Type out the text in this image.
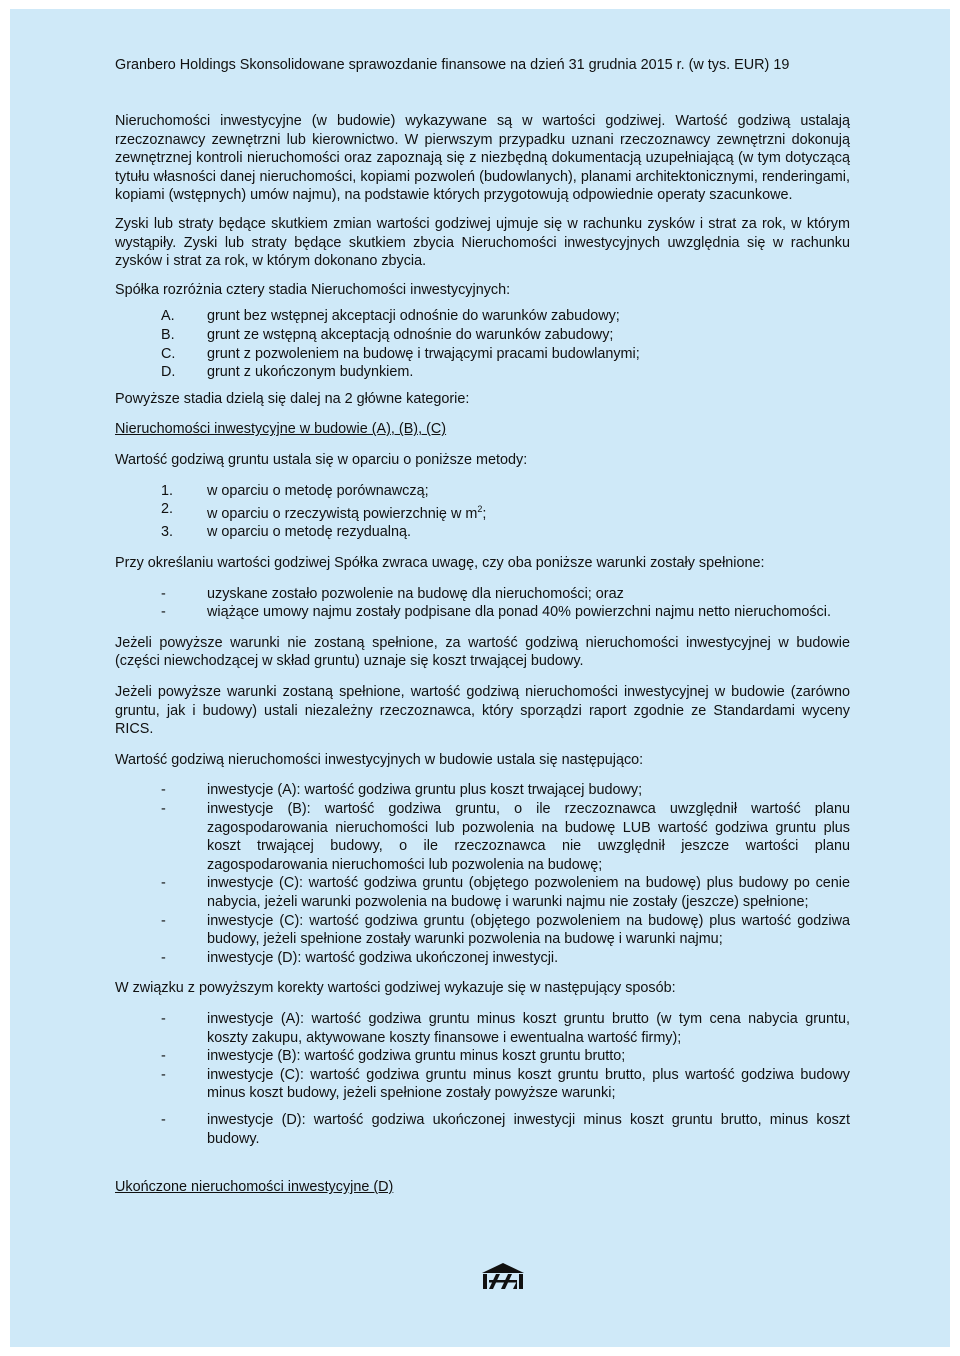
Granbero Holdings Skonsolidowane sprawozdanie finansowe na dzień 31 grudnia 2015 r. (w tys. EUR) 19

Nieruchomości inwestycyjne (w budowie) wykazywane są w wartości godziwej. Wartość godziwą ustalają rzeczoznawcy zewnętrzni lub kierownictwo. W pierwszym przypadku uznani rzeczoznawcy zewnętrzni dokonują zewnętrznej kontroli nieruchomości oraz zapoznają się z niezbędną dokumentacją uzupełniającą (w tym dotyczącą tytułu własności danej nieruchomości, kopiami pozwoleń (budowlanych), planami architektonicznymi, renderingami, kopiami (wstępnych) umów najmu), na podstawie których przygotowują odpowiednie operaty szacunkowe.

Zyski lub straty będące skutkiem zmian wartości godziwej ujmuje się w rachunku zysków i strat za rok, w którym wystąpiły. Zyski lub straty będące skutkiem zbycia Nieruchomości inwestycyjnych uwzględnia się w rachunku zysków i strat za rok, w którym dokonano zbycia.

Spółka rozróżnia cztery stadia Nieruchomości inwestycyjnych:

A.	grunt bez wstępnej akceptacji odnośnie do warunków zabudowy;
B.	grunt ze wstępną akceptacją odnośnie do warunków zabudowy;
C.	grunt z pozwoleniem na budowę i trwającymi pracami budowlanymi;
D.	grunt z ukończonym budynkiem.

Powyższe stadia dzielą się dalej na 2 główne kategorie:

Nieruchomości inwestycyjne w budowie (A), (B), (C)

Wartość godziwą gruntu ustala się w oparciu o poniższe metody:

1.	w oparciu o metodę porównawczą;
2.	w oparciu o rzeczywistą powierzchnię w $m^2$;
3.	w oparciu o metodę rezydualną.

Przy określaniu wartości godziwej Spółka zwraca uwagę, czy oba poniższe warunki zostały spełnione:

-	uzyskane zostało pozwolenie na budowę dla nieruchomości; oraz
-	wiążące umowy najmu zostały podpisane dla ponad 40% powierzchni najmu netto nieruchomości.

Jeżeli powyższe warunki nie zostaną spełnione, za wartość godziwą nieruchomości inwestycyjnej w budowie (części niewchodzącej w skład gruntu) uznaje się koszt trwającej budowy.

Jeżeli powyższe warunki zostaną spełnione, wartość godziwą nieruchomości inwestycyjnej w budowie (zarówno gruntu, jak i budowy) ustali niezależny rzeczoznawca, który sporządzi raport zgodnie ze Standardami wyceny RICS.

Wartość godziwą nieruchomości inwestycyjnych w budowie ustala się następująco:

-	inwestycje (A): wartość godziwa gruntu plus koszt trwającej budowy;
-	inwestycje (B): wartość godziwa gruntu, o ile rzeczoznawca uwzględnił wartość planu zagospodarowania nieruchomości lub pozwolenia na budowę LUB wartość godziwa gruntu plus koszt trwającej budowy, o ile rzeczoznawca nie uwzględnił jeszcze wartości planu zagospodarowania nieruchomości lub pozwolenia na budowę;
-	inwestycje (C): wartość godziwa gruntu (objętego pozwoleniem na budowę) plus budowy po cenie nabycia, jeżeli warunki pozwolenia na budowę i warunki najmu nie zostały (jeszcze) spełnione;
-	inwestycje (C): wartość godziwa gruntu (objętego pozwoleniem na budowę) plus wartość godziwa budowy, jeżeli spełnione zostały warunki pozwolenia na budowę i warunki najmu;
-	inwestycje (D): wartość godziwa ukończonej inwestycji.

W związku z powyższym korekty wartości godziwej wykazuje się w następujący sposób:

-	inwestycje (A): wartość godziwa gruntu minus koszt gruntu brutto (w tym cena nabycia gruntu, koszty zakupu, aktywowane koszty finansowe i ewentualna wartość firmy);
-	inwestycje (B): wartość godziwa gruntu minus koszt gruntu brutto;
-	inwestycje (C): wartość godziwa gruntu minus koszt gruntu brutto, plus wartość godziwa budowy minus koszt budowy, jeżeli spełnione zostały powyższe warunki;
-	inwestycje (D): wartość godziwa ukończonej inwestycji minus koszt gruntu brutto, minus koszt budowy.

Ukończone nieruchomości inwestycyjne (D)
